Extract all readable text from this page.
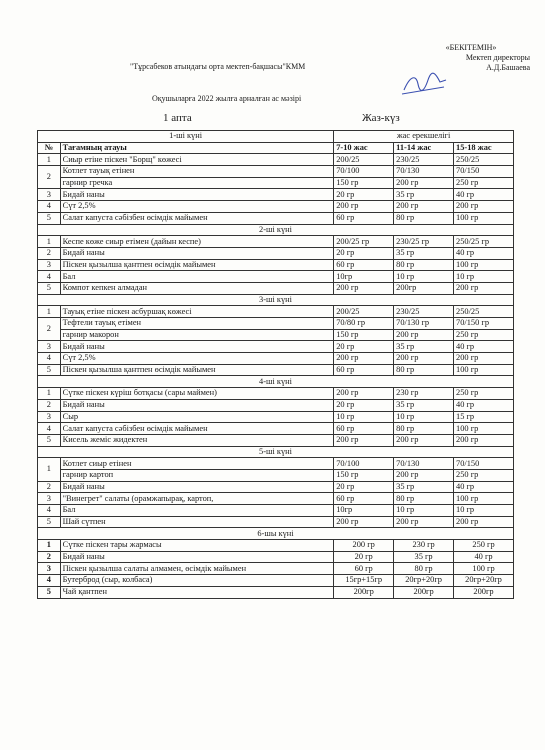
"Тұрсабеков атындағы орта мектеп-бақшасы"КММ
«БЕКІТЕМІН»
Мектеп директоры
А.Д.Башаева
Оқушыларға 2022 жылға арналған ас мәзірі
1 апта	Жаз-күз
1-ші күні		жас ерекшелігі		
№	Тағамның атауы	7-10 жас	11-14 жас	15-18 жас
1	Сиыр етіне піскен "Борщ" көжесі	200/25	230/25	250/25
2	Котлет тауық етінен	70/100	70/130	70/150
	гарнир гречка	150 гр	200 гр	250 гр
3	Бидай наны	20 гр	35 гр	40 гр
4	Сүт 2,5%	200 гр	200 гр	200 гр
5	Салат капуста сәбізбен өсімдік майымен	60 гр	80 гр	100 гр
2-ші күні				
1	Кеспе көже сиыр етімен (дайын кеспе)	200/25 гр	230/25 гр	250/25 гр
2	Бидай наны	20 гр	35 гр	40 гр
3	Піскен қызылша қантпен өсімдік майымен	60 гр	80 гр	100 гр
4	Бал	10гр	10 гр	10 гр
5	Компот кепкен алмадан	200 гр	200гр	200 гр
3-ші күні				
1	Тауық етіне піскен асбуршақ көжесі	200/25	230/25	250/25
2	Тефтели тауық етімен	70/80 гр	70/130 гр	70/150 гр
	гарнир макорон	150 гр	200 гр	250 гр
3	Бидай наны	20 гр	35 гр	40 гр
4	Сүт 2,5%	200 гр	200 гр	200 гр
5	Піскен қызылша қантпен өсімдік майымен	60 гр	80 гр	100 гр
4-ші күні				
1	Сүтке піскен күріш ботқасы (сары маймен)	200 гр	230 гр	250 гр
2	Бидай наны	20 гр	35 гр	40 гр
3	Сыр	10 гр	10 гр	15 гр
4	Салат капуста сәбізбен өсімдік майымен	60 гр	80 гр	100 гр
5	Кисель жеміс жидектен	200 гр	200 гр	200 гр
5-ші күні				
1	Котлет сиыр етінен	70/100	70/130	70/150
	гарнир картоп	150 гр	200 гр	250 гр
2	Бидай наны	20 гр	35 гр	40 гр
3	"Винегрет" салаты (орамжапырақ, картоп,	60 гр	80 гр	100 гр
4	Бал	10гр	10 гр	10 гр
5	Шай сүтпен	200 гр	200 гр	200 гр
6-шы күні				
1	Сүтке піскен тары жармасы	200 гр	230 гр	250 гр
2	Бидай наны	20 гр	35 гр	40 гр
3	Піскен қызылша салаты алмамен, өсімдік майымен	60 гр	80 гр	100 гр
4	Бутерброд (сыр, колбаса)	15гр+15гр	20гр+20гр	20гр+20гр
5	Чай қантпен	200гр	200гр	200гр
